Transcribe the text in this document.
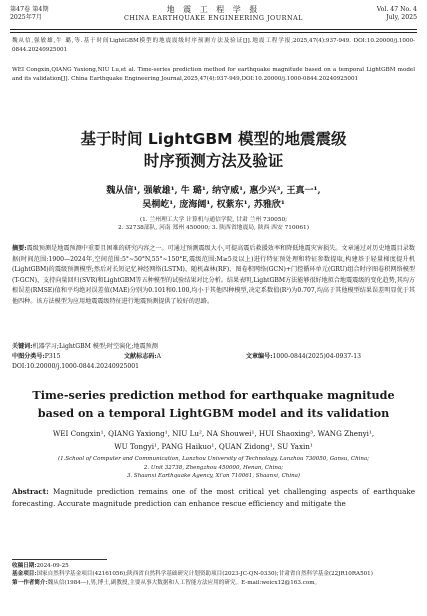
第47卷 第4期
2025年7月
地 震 工 程 学 报
CHINA EARTHQUAKE ENGINEERING JOURNAL
Vol. 47 No. 4
July, 2025
魏从信,强敏雄,牛 璐,等.基于时间LightGBM模型的地震震级时序预测方法及验证[J].地震工程学报,2025,47(4):937-949. DOI:10.20000/j.1000-0844.20240925001
WEI Congxin,QIANG Yaxiong,NIU Lu,et al. Time-series prediction method for earthquake magnitude based on a temporal LightGBM model and its validation[J]. China Earthquake Engineering Journal,2025,47(4):937-949,DOI:10.20000/j.1000-0844.20240925001
基于时间 LightGBM 模型的地震震级
时序预测方法及验证
魏从信¹, 强敏雄¹, 牛 璐¹, 纳守威¹, 惠少兴³, 王真一¹,
吴桐屹¹, 庞海阔¹, 权紫东¹, 苏雅欣¹
(1. 兰州理工大学 计算机与通信学院, 甘肃 兰州 730050;
2. 32738部队, 河南 郑州 450000; 3. 陕西省地震局, 陕西 西安 710061)
摘要:震级预测是地震预测中重要且困难的研究内容之一。可通过预测震级大小,可提高震后救援效率和降低地震灾害损失。文章通过对历史地震目录数据(时间范围:1900—2024年,空间范围:5°~50°N,55°~150°E,震级范围:M≥5及以上)进行特征预处理和特征参数提取,构建基于轻量梯度提升机(LightGBM)的震级预测模型;然后对长短记忆神经网络(LSTM)、随机森林(RF)、图卷积网络(GCN)+门控循环单元(GRU)组合时序图卷积网络模型(T-GCN)、支持向量回归(SVR)和LightGBM等五种模型的试验结果对比分析。结果表明,LightGBM方法能够很好地拟合地震震级的变化趋势,其均方根误差(RMSE)值和平均绝对误差值(MAE)分别为0.101和0.100,均小于其他四种模型,决定系数值(R²)为0.707,均高于其他模型结果误差明显优于其他四种。该方法模型为应用地震震级特征进行地震预测提供了较好的思路。
关键词:机器学习;LightGBM 模型;时空演化;地震预测
中图分类号:P315	文献标志码:A	文章编号:1000-0844(2025)04-0937-13
DOI:10.20000/j.1000-0844.20240925001
Time-series prediction method for earthquake magnitude
based on a temporal LightGBM model and its validation
WEI Congxin¹, QIANG Yaxiong¹, NIU Lu², NA Shouwei¹, HUI Shaoxing³, WANG Zhenyi¹,
WU Tongyi¹, PANG Haikuo¹, QUAN Zidong¹, SU Yaxin¹
(1.School of Computer and Communication, Lanzhou University of Technology, Lanzhou 730050, Gansu, China;
2. Unit 32738, Zhengzhou 450000, Henan, China;
3. Shaanxi Earthquake Agency, Xi'an 710061, Shaanxi, China)
Abstract: Magnitude prediction remains one of the most critical yet challenging aspects of earthquake forecasting. Accurate magnitude prediction can enhance rescue efficiency and mitigate the
收稿日期:2024-09-25
基金项目:国家自然科学基金项目(42161056);陕西省自然科学基础研究计划资助项目(2023-JC-QN-0330);甘肃省自然科学基金(22JR10RA501)
第一作者简介:魏从信(1984—),男,博士,副教授,主要从事大数据和人工智能方法应用的研究。E-mail:weicx12@163.com。
